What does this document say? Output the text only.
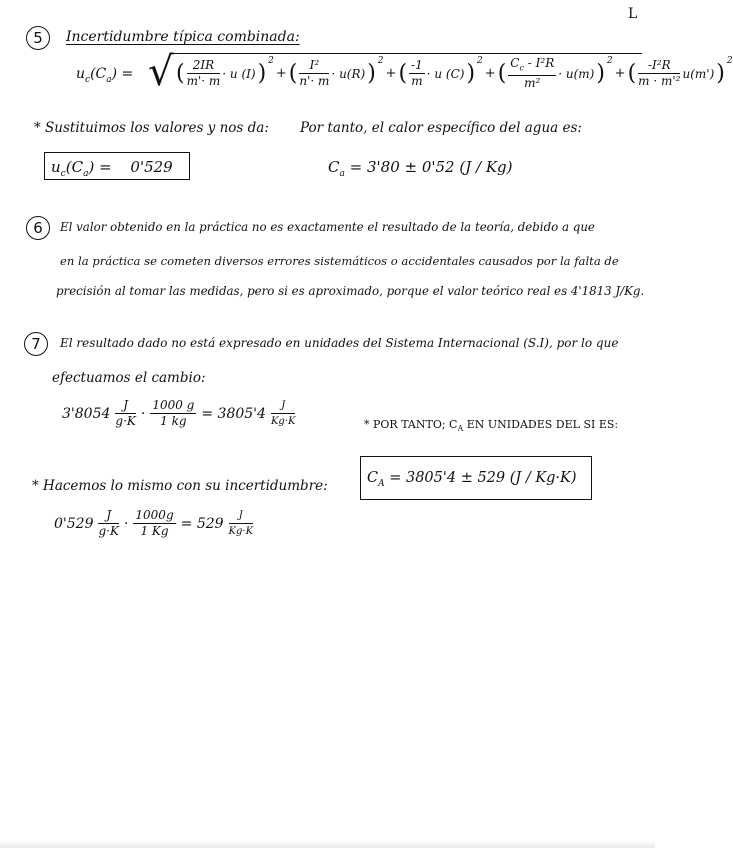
L
5	Incertidumbre típica combinada:
$u_c(C_a)$ = √ ( $\frac{2IR}{m'\cdot m} \cdot u$ (I) )
$^2$
+ ( $\frac{\text{I²}}{n'\cdot m} \cdot u(R)$ )
$^2$
+ ( $\frac{-1}{m} \cdot u$ (C) )
$^2$
+ ( $\frac{C_c - I^2R}{\text{m²}} \cdot u(m)$ )
$^2$
+ ( $\frac{\text{-I²R}}{\text{m · m'²}} u(m')$ )
$^2$
* Sustituimos los valores y nos da: Por tanto, el calor específico del agua es:
$u_c(C_a) = 0'529$	$C_a = 3'80 \pm 0'52$ (J / Kg)
6	El valor obtenido en la práctica no es exactamente el resultado de la teoría, debido a que
en la práctica se cometen diversos errores sistemáticos o accidentales causados por la falta de
precisión al tomar las medidas, pero si es aproximado, porque el valor teórico real es 4'1813 J/Kg.
7	El resultado dado no está expresado en unidades del Sistema Internacional (S.I), por lo que
efectuamos el cambio:
$3'8054 \frac{J}{g\cdot K} \cdot \frac{1000 g}{1 kg} = 3805'4 \frac{J}{Kg\cdot K}$	* POR TANTO; $C_A$ EN UNIDADES DEL SI ES:
* Hacemos lo mismo con su incertidumbre:	$C_A = 3805'4 \pm 529$ (J / Kg·K)
$0'529 \frac{J}{g\cdot K} \cdot \frac{1000g}{1 Kg} = 529 \frac{J}{Kg\cdot K}$
